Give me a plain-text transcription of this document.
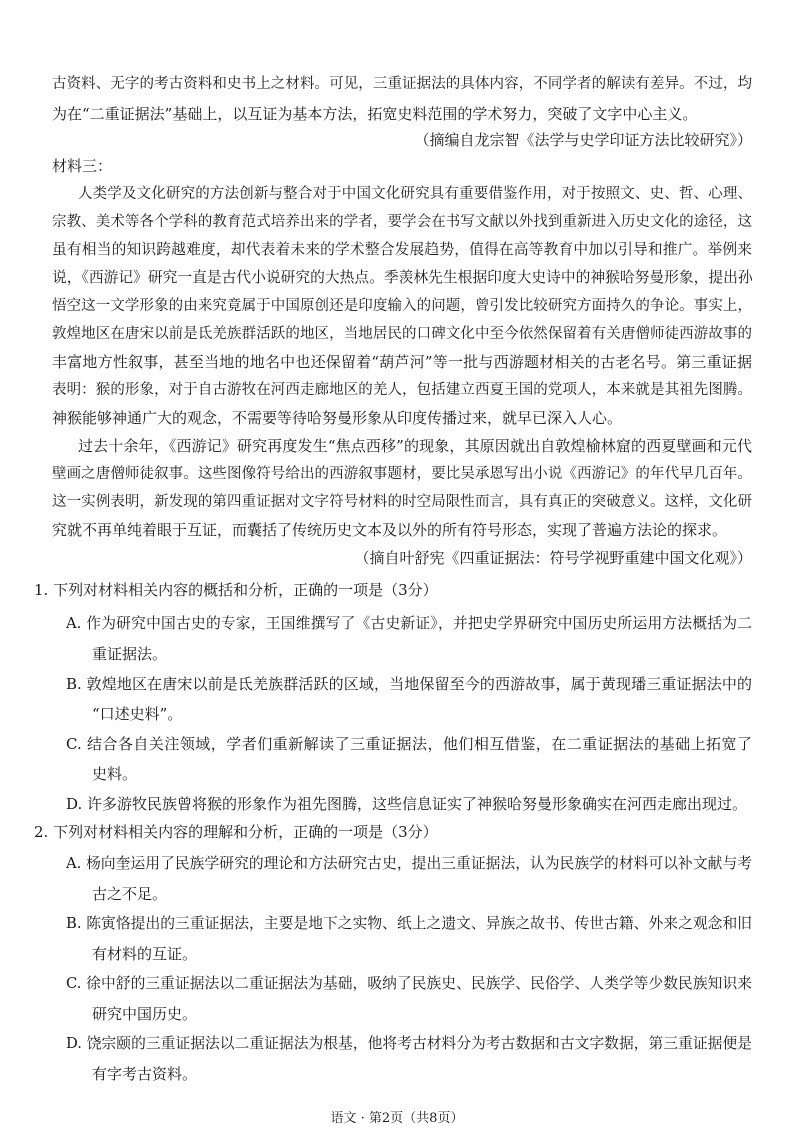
古资料、无字的考古资料和史书上之材料。可见，三重证据法的具体内容，不同学者的解读有差异。不过，均
为在“二重证据法”基础上，以互证为基本方法，拓宽史料范围的学术努力，突破了文字中心主义。
（摘编自龙宗智《法学与史学印证方法比较研究》）
材料三：
人类学及文化研究的方法创新与整合对于中国文化研究具有重要借鉴作用，对于按照文、史、哲、心理、
宗教、美术等各个学科的教育范式培养出来的学者，要学会在书写文献以外找到重新进入历史文化的途径，这
虽有相当的知识跨越难度，却代表着未来的学术整合发展趋势，值得在高等教育中加以引导和推广。举例来
说，《西游记》研究一直是古代小说研究的大热点。季羡林先生根据印度大史诗中的神猴哈努曼形象，提出孙
悟空这一文学形象的由来究竟属于中国原创还是印度输入的问题，曾引发比较研究方面持久的争论。事实上，
敦煌地区在唐宋以前是氐羌族群活跃的地区，当地居民的口碑文化中至今依然保留着有关唐僧师徒西游故事的
丰富地方性叙事，甚至当地的地名中也还保留着“葫芦河”等一批与西游题材相关的古老名号。第三重证据
表明：猴的形象，对于自古游牧在河西走廊地区的羌人，包括建立西夏王国的党项人，本来就是其祖先图腾。
神猴能够神通广大的观念，不需要等待哈努曼形象从印度传播过来，就早已深入人心。
过去十余年，《西游记》研究再度发生“焦点西移”的现象，其原因就出自敦煌榆林窟的西夏壁画和元代
壁画之唐僧师徒叙事。这些图像符号给出的西游叙事题材，要比吴承恩写出小说《西游记》的年代早几百年。
这一实例表明，新发现的第四重证据对文字符号材料的时空局限性而言，具有真正的突破意义。这样，文化研
究就不再单纯着眼于互证，而囊括了传统历史文本及以外的所有符号形态，实现了普遍方法论的探求。
（摘自叶舒宪《四重证据法：符号学视野重建中国文化观》）
1. 下列对材料相关内容的概括和分析，正确的一项是（3分）
A. 作为研究中国古史的专家，王国维撰写了《古史新证》，并把史学界研究中国历史所运用方法概括为二
重证据法。
B. 敦煌地区在唐宋以前是氐羌族群活跃的区域，当地保留至今的西游故事，属于黄现璠三重证据法中的
“口述史料”。
C. 结合各自关注领域，学者们重新解读了三重证据法，他们相互借鉴，在二重证据法的基础上拓宽了
史料。
D. 许多游牧民族曾将猴的形象作为祖先图腾，这些信息证实了神猴哈努曼形象确实在河西走廊出现过。
2. 下列对材料相关内容的理解和分析，正确的一项是（3分）
A. 杨向奎运用了民族学研究的理论和方法研究古史，提出三重证据法，认为民族学的材料可以补文献与考
古之不足。
B. 陈寅恪提出的三重证据法，主要是地下之实物、纸上之遗文、异族之故书、传世古籍、外来之观念和旧
有材料的互证。
C. 徐中舒的三重证据法以二重证据法为基础，吸纳了民族史、民族学、民俗学、人类学等少数民族知识来
研究中国历史。
D. 饶宗颐的三重证据法以二重证据法为根基，他将考古材料分为考古数据和古文字数据，第三重证据便是
有字考古资料。
语文 · 第2页（共8页）
